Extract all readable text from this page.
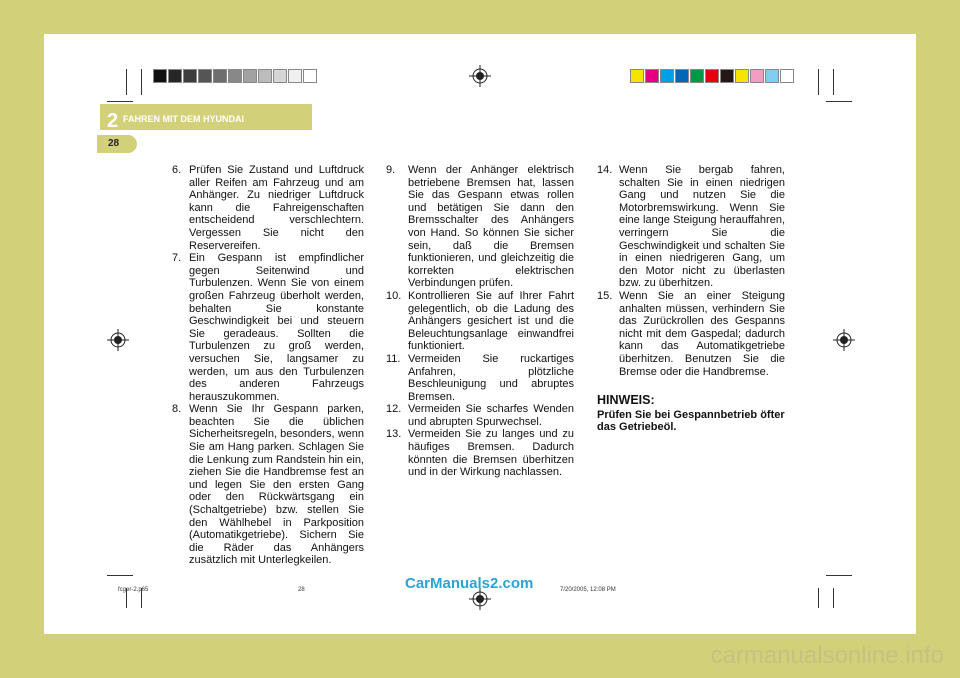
2 FAHREN MIT DEM HYUNDAI
28
6. Prüfen Sie Zustand und Luftdruck aller Reifen am Fahrzeug und am Anhänger. Zu niedriger Luftdruck kann die Fahreigenschaften entscheidend verschlechtern. Vergessen Sie nicht den Reservereifen.
7. Ein Gespann ist empfindlicher gegen Seitenwind und Turbulenzen. Wenn Sie von einem großen Fahrzeug überholt werden, behalten Sie konstante Geschwindigkeit bei und steuern Sie geradeaus. Sollten die Turbulenzen zu groß werden, versuchen Sie, langsamer zu werden, um aus den Turbulenzen des anderen Fahrzeugs herauszukommen.
8. Wenn Sie Ihr Gespann parken, beachten Sie die üblichen Sicherheitsregeln, besonders, wenn Sie am Hang parken. Schlagen Sie die Lenkung zum Randstein hin ein, ziehen Sie die Handbremse fest an und legen Sie den ersten Gang oder den Rückwärtsgang ein (Schaltgetriebe) bzw. stellen Sie den Wählhebel in Parkposition (Automatikgetriebe). Sichern Sie die Räder das Anhängers zusätzlich mit Unterlegkeilen.
9. Wenn der Anhänger elektrisch betriebene Bremsen hat, lassen Sie das Gespann etwas rollen und betätigen Sie dann den Bremsschalter des Anhängers von Hand. So können Sie sicher sein, daß die Bremsen funktionieren, und gleichzeitig die korrekten elektrischen Verbindungen prüfen.
10. Kontrollieren Sie auf Ihrer Fahrt gelegentlich, ob die Ladung des Anhängers gesichert ist und die Beleuchtungsanlage einwandfrei funktioniert.
11. Vermeiden Sie ruckartiges Anfahren, plötzliche Beschleunigung und abruptes Bremsen.
12. Vermeiden Sie scharfes Wenden und abrupten Spurwechsel.
13. Vermeiden Sie zu langes und zu häufiges Bremsen. Dadurch könnten die Bremsen überhitzen und in der Wirkung nachlassen.
14. Wenn Sie bergab fahren, schalten Sie in einen niedrigen Gang und nutzen Sie die Motorbremswirkung. Wenn Sie eine lange Steigung herauffahren, verringern Sie die Geschwindigkeit und schalten Sie in einen niedrigeren Gang, um den Motor nicht zu überlasten bzw. zu überhitzen.
15. Wenn Sie an einer Steigung anhalten müssen, verhindern Sie das Zurückrollen des Gespanns nicht mit dem Gaspedal; dadurch kann das Automatikgetriebe überhitzen. Benutzen Sie die Bremse oder die Handbremse.
HINWEIS:
Prüfen Sie bei Gespannbetrieb öfter das Getriebeöl.
fcger-2.p65	28	7/20/2005, 12:08 PM
CarManuals2.com
carmanualsonline.info
